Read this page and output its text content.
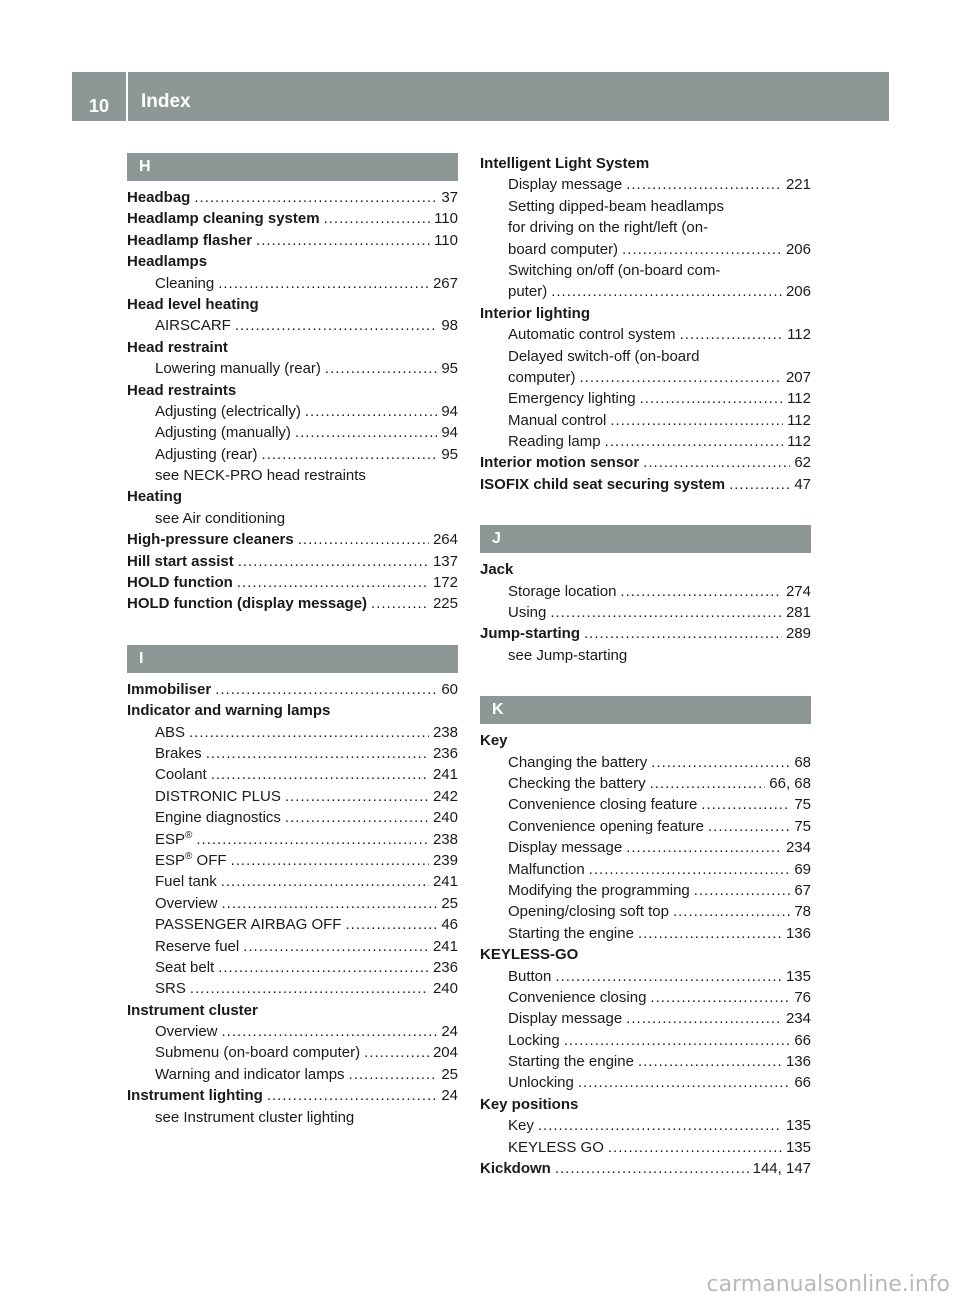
10	Index
H
Headbag .....	37
Headlamp cleaning system .....	110
Headlamp flasher .....	110
Headlamps
Cleaning .....	267
Head level heating
AIRSCARF .....	98
Head restraint
Lowering manually (rear) .....	95
Head restraints
Adjusting (electrically) .....	94
Adjusting (manually) .....	94
Adjusting (rear) .....	95
see NECK-PRO head restraints
Heating
see Air conditioning
High-pressure cleaners .....	264
Hill start assist .....	137
HOLD function .....	172
HOLD function (display message) .....	225
I
Immobiliser .....	60
Indicator and warning lamps
ABS .....	238
Brakes .....	236
Coolant .....	241
DISTRONIC PLUS .....	242
Engine diagnostics .....	240
ESP® .....	238
ESP® OFF .....	239
Fuel tank .....	241
Overview .....	25
PASSENGER AIRBAG OFF .....	46
Reserve fuel .....	241
Seat belt .....	236
SRS .....	240
Instrument cluster
Overview .....	24
Submenu (on-board computer) .....	204
Warning and indicator lamps .....	25
Instrument lighting .....	24
see Instrument cluster lighting
Intelligent Light System
Display message .....	221
Setting dipped-beam headlamps
for driving on the right/left (on-
board computer) .....	206
Switching on/off (on-board com-
puter) .....	206
Interior lighting
Automatic control system .....	112
Delayed switch-off (on-board
computer) .....	207
Emergency lighting .....	112
Manual control .....	112
Reading lamp .....	112
Interior motion sensor .....	62
ISOFIX child seat securing system .....	47
J
Jack
Storage location .....	274
Using .....	281
Jump-starting .....	289
see Jump-starting
K
Key
Changing the battery .....	68
Checking the battery .....	66, 68
Convenience closing feature .....	75
Convenience opening feature .....	75
Display message .....	234
Malfunction .....	69
Modifying the programming .....	67
Opening/closing soft top .....	78
Starting the engine .....	136
KEYLESS-GO
Button .....	135
Convenience closing .....	76
Display message .....	234
Locking .....	66
Starting the engine .....	136
Unlocking .....	66
Key positions
Key .....	135
KEYLESS GO .....	135
Kickdown .....	144, 147
carmanualsonline.info
